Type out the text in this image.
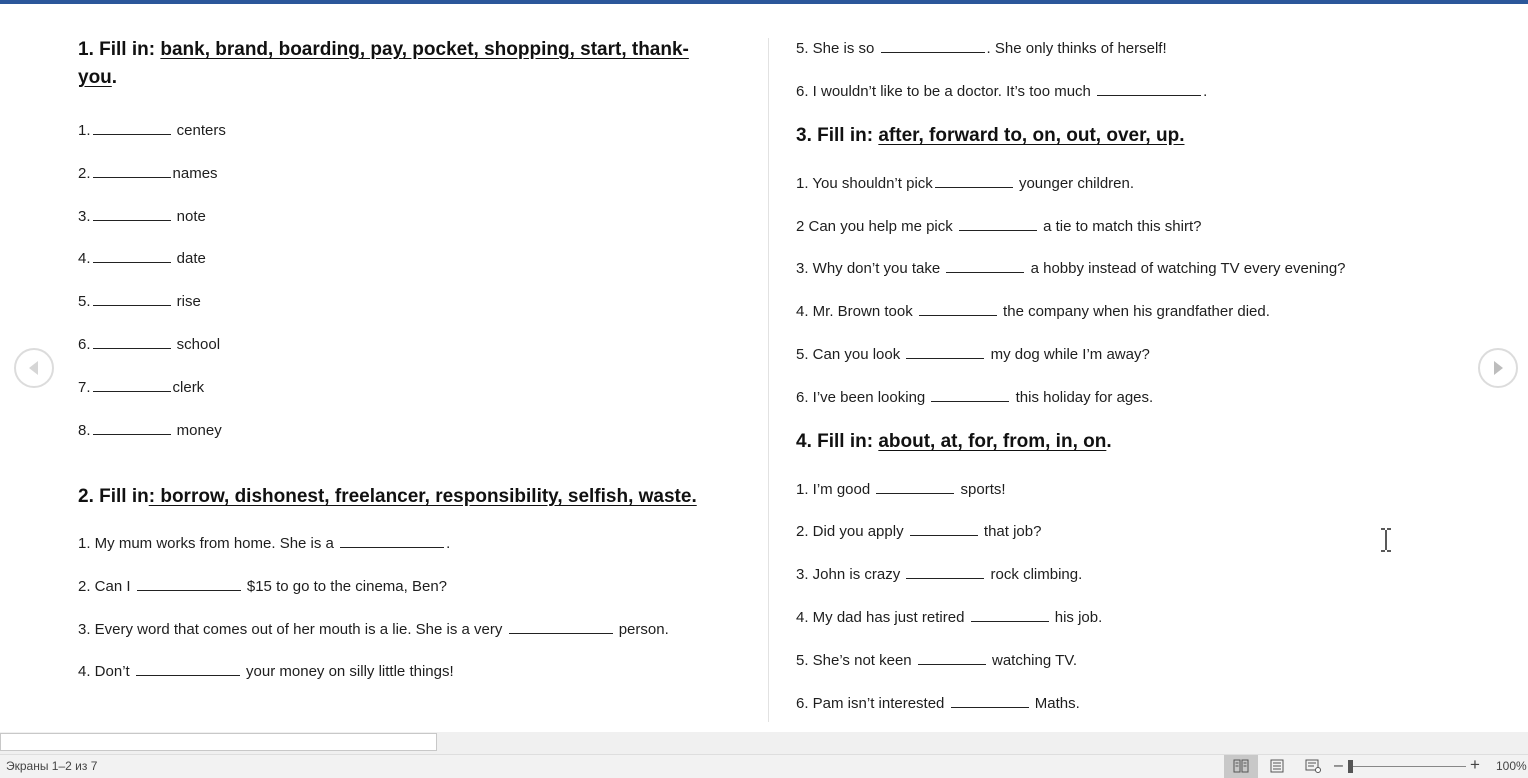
1. Fill in: bank, brand, boarding, pay, pocket, shopping, start, thank-
you.
1.	centers
2.	names
3.	note
4.	date
5.	rise
6.	school
7.	clerk
8.	money
2. Fill in: borrow, dishonest, freelancer, responsibility, selfish, waste.
1. My mum works from home. She is a	.
2. Can I	$15 to go to the cinema, Ben?
3. Every word that comes out of her mouth is a lie. She is a very	person.
4. Don’t	your money on silly little things!
5. She is so	. She only thinks of herself!
6. I wouldn’t like to be a doctor. It’s too much	.
3. Fill in: after, forward to, on, out, over, up.
1. You shouldn’t pick	younger children.
2 Can you help me pick	a tie to match this shirt?
3. Why don’t you take	a hobby instead of watching TV every evening?
4. Mr. Brown took	the company when his grandfather died.
5. Can you look	my dog while I’m away?
6. I’ve been looking	this holiday for ages.
4. Fill in: about, at, for, from, in, on.
1. I’m good	sports!
2. Did you apply	that job?
3. John is crazy	rock climbing.
4. My dad has just retired	his job.
5. She’s not keen	watching TV.
6. Pam isn’t interested	Maths.
Экраны 1–2 из 7	–	+ 100%
